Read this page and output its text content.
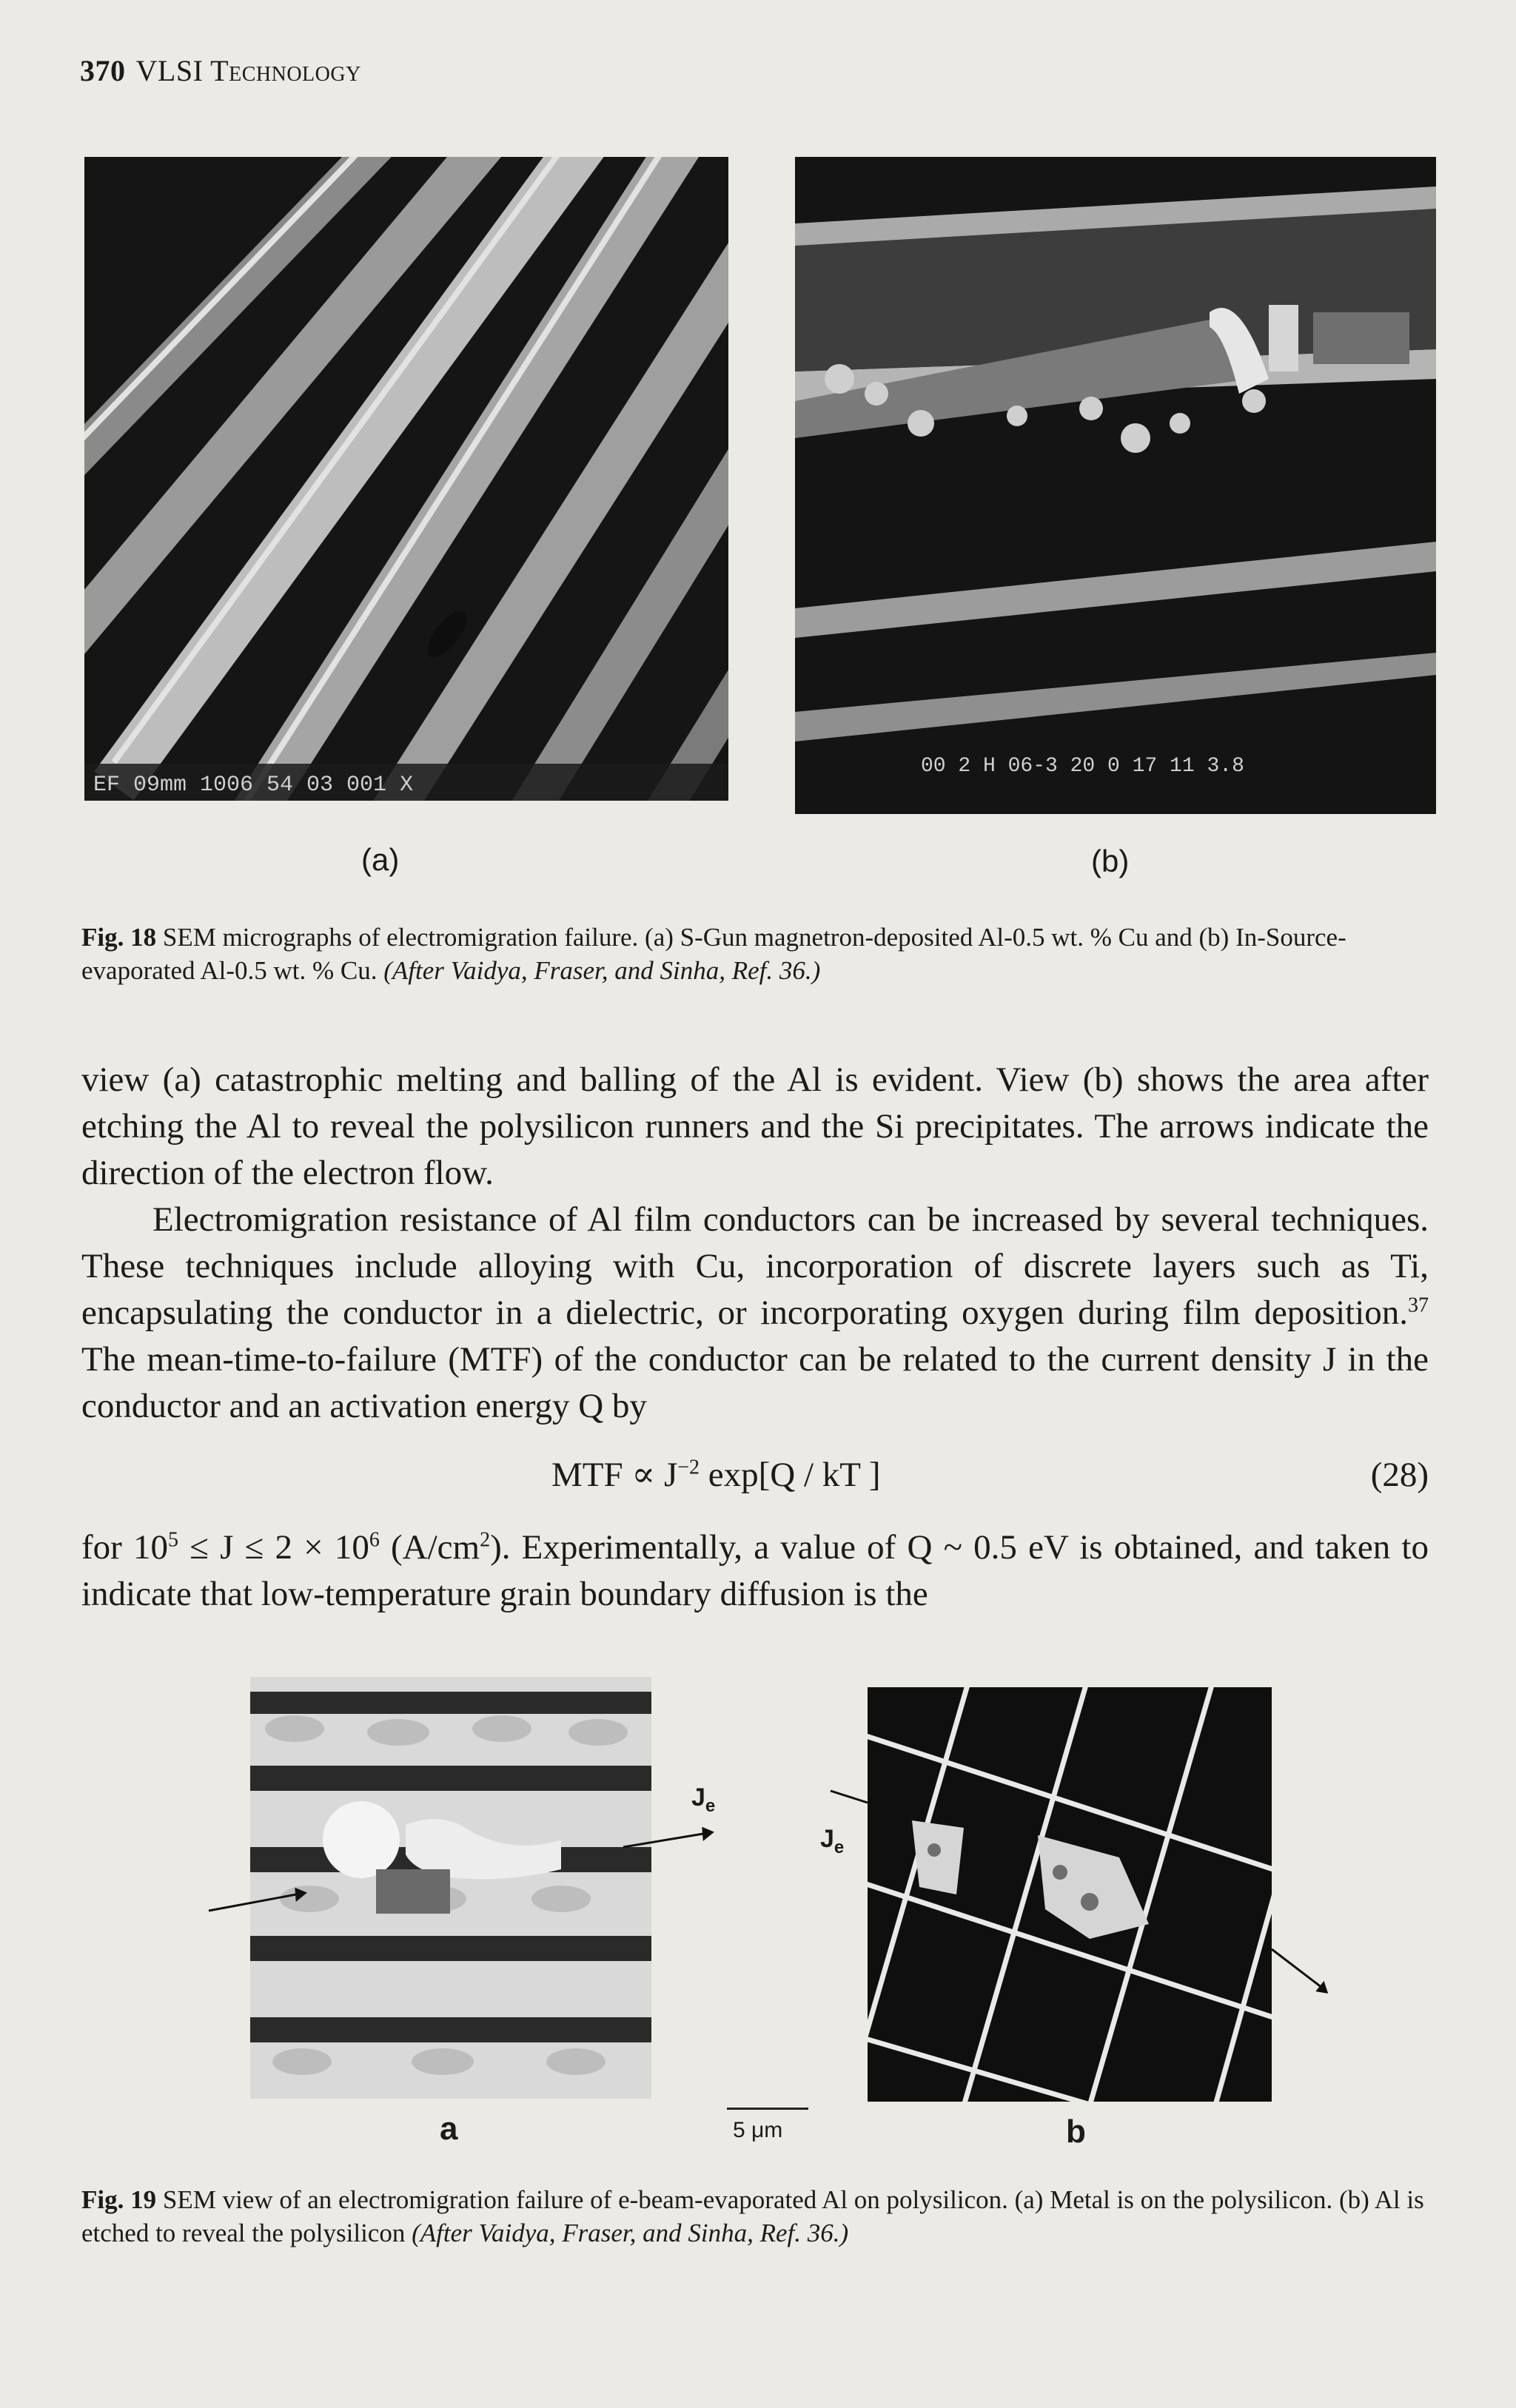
370 VLSI Technology
EF 09mm 1006 54 03 001 X
00 2 H 06-3 20 0 17 11 3.8
(a)	(b)
Fig. 18 SEM micrographs of electromigration failure. (a) S-Gun magnetron-deposited Al-0.5 wt. % Cu and (b) In-Source-evaporated Al-0.5 wt. % Cu. (After Vaidya, Fraser, and Sinha, Ref. 36.)

view (a) catastrophic melting and balling of the Al is evident. View (b) shows the area after etching the Al to reveal the polysilicon runners and the Si precipitates. The arrows indicate the direction of the electron flow.

Electromigration resistance of Al film conductors can be increased by several techniques. These techniques include alloying with Cu, incorporation of discrete layers such as Ti, encapsulating the conductor in a dielectric, or incorporating oxygen during film deposition.$^{37}$ The mean-time-to-failure (MTF) of the conductor can be related to the current density J in the conductor and an activation energy Q by

MTF ∝ $J^{-2}$ exp[Q / kT ]	(28)

for $10^5 \le J \le 2 \times 10^6$ $(A/cm^2)$. Experimentally, a value of Q ~ 0.5 eV is obtained, and taken to indicate that low-temperature grain boundary diffusion is the

$J_e$
$J_e$
a	b
5 μm
Fig. 19 SEM view of an electromigration failure of e-beam-evaporated Al on polysilicon. (a) Metal is on the polysilicon. (b) Al is etched to reveal the polysilicon (After Vaidya, Fraser, and Sinha, Ref. 36.)
